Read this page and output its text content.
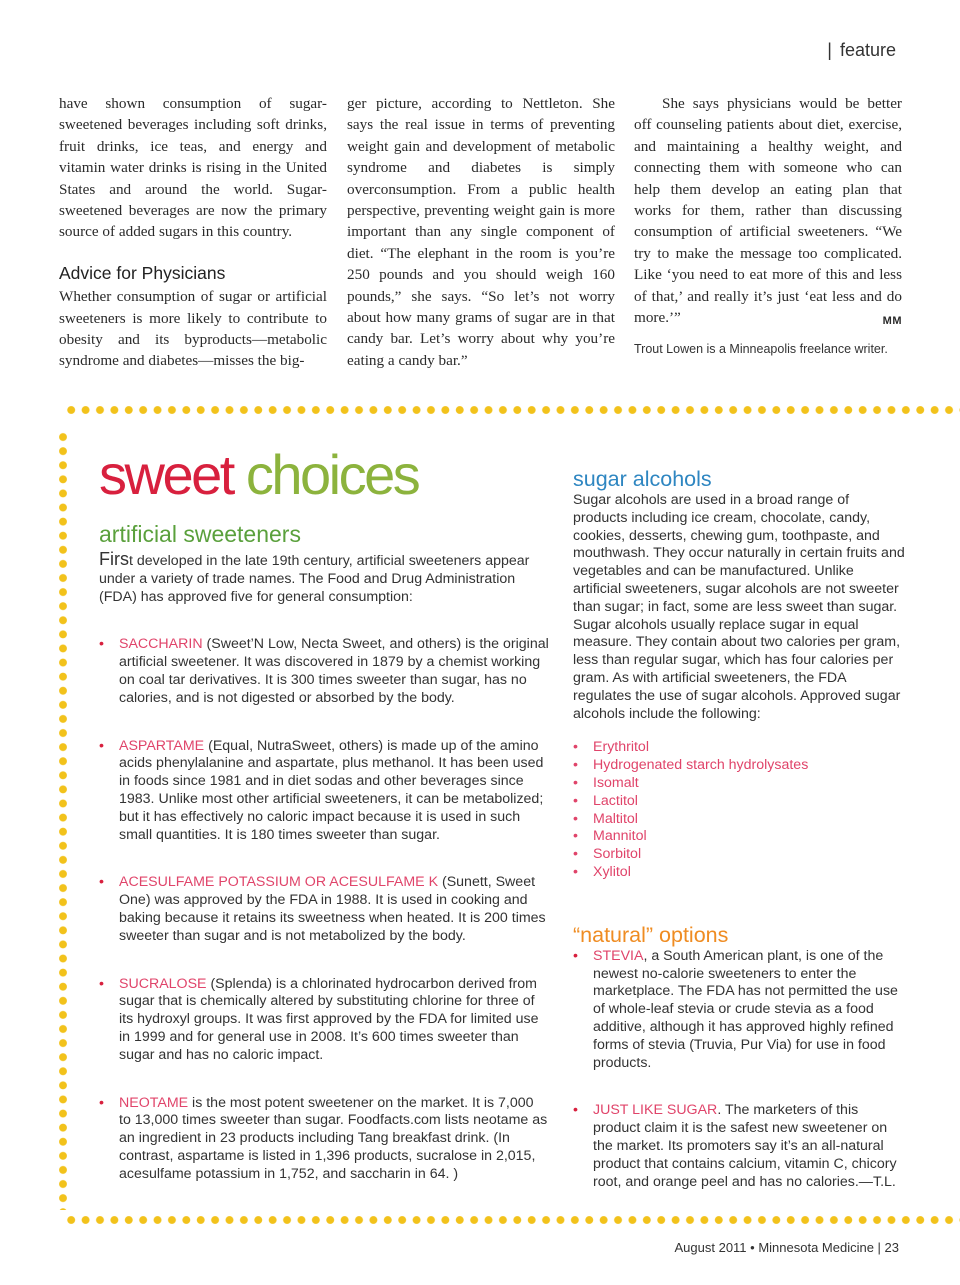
| feature

have shown consumption of sugar-sweetened beverages including soft drinks, fruit drinks, ice teas, and energy and vitamin water drinks is rising in the United States and around the world. Sugar-sweetened beverages are now the primary source of added sugars in this country.

Advice for Physicians

Whether consumption of sugar or artificial sweeteners is more likely to contribute to obesity and its byproducts—metabolic syndrome and diabetes—misses the big-

ger picture, according to Nettleton. She says the real issue in terms of preventing weight gain and development of metabolic syndrome and diabetes is simply overconsumption. From a public health perspective, preventing weight gain is more important than any single component of diet. “The elephant in the room is you’re 250 pounds and you should weigh 160 pounds,” she says. “So let’s not worry about how many grams of sugar are in that candy bar. Let’s worry about why you’re eating a candy bar.”

She says physicians would be better off counseling patients about diet, exercise, and maintaining a healthy weight, and connecting them with someone who can help them develop an eating plan that works for them, rather than discussing consumption of artificial sweeteners. “We try to make the message too complicated. Like ‘you need to eat more of this and less of that,’ and really it’s just ‘eat less and do more.’”	MM

Trout Lowen is a Minneapolis freelance writer.

sweet choices
artificial sweeteners

First developed in the late 19th century, artificial sweeteners appear under a variety of trade names. The Food and Drug Administration (FDA) has approved five for general consumption:

• SACCHARIN (Sweet’N Low, Necta Sweet, and others) is the original artificial sweetener. It was discovered in 1879 by a chemist working on coal tar derivatives. It is 300 times sweeter than sugar, has no calories, and is not digested or absorbed by the body.
• ASPARTAME (Equal, NutraSweet, others) is made up of the amino acids phenylalanine and aspartate, plus methanol. It has been used in foods since 1981 and in diet sodas and other beverages since 1983. Unlike most other artificial sweeteners, it can be metabolized; but it has effectively no caloric impact because it is used in such small quantities. It is 180 times sweeter than sugar.
• ACESULFAME POTASSIUM OR ACESULFAME K (Sunett, Sweet One) was approved by the FDA in 1988. It is used in cooking and baking because it retains its sweetness when heated. It is 200 times sweeter than sugar and is not metabolized by the body.
• SUCRALOSE (Splenda) is a chlorinated hydrocarbon derived from sugar that is chemically altered by substituting chlorine for three of its hydroxyl groups. It was first approved by the FDA for limited use in 1999 and for general use in 2008. It’s 600 times sweeter than sugar and has no caloric impact.
• NEOTAME is the most potent sweetener on the market. It is 7,000 to 13,000 times sweeter than sugar. Foodfacts.com lists neotame as an ingredient in 23 products including Tang breakfast drink. (In contrast, aspartame is listed in 1,396 products, sucralose in 2,015, acesulfame potassium in 1,752, and saccharin in 64. )
sugar alcohols

Sugar alcohols are used in a broad range of products including ice cream, chocolate, candy, cookies, desserts, chewing gum, toothpaste, and mouthwash. They occur naturally in certain fruits and vegetables and can be manufactured. Unlike artificial sweeteners, sugar alcohols are not sweeter than sugar; in fact, some are less sweet than sugar. Sugar alcohols usually replace sugar in equal measure. They contain about two calories per gram, less than regular sugar, which has four calories per gram. As with artificial sweeteners, the FDA regulates the use of sugar alcohols. Approved sugar alcohols include the following:

• Erythritol
• Hydrogenated starch hydrolysates
• Isomalt
• Lactitol
• Maltitol
• Mannitol
• Sorbitol
• Xylitol
“natural” options
• STEVIA, a South American plant, is one of the newest no-calorie sweeteners to enter the marketplace. The FDA has not permitted the use of whole-leaf stevia or crude stevia as a food additive, although it has approved highly refined forms of stevia (Truvia, Pur Via) for use in food products.
• JUST LIKE SUGAR. The marketers of this product claim it is the safest new sweetener on the market. Its promoters say it’s an all-natural product that contains calcium, vitamin C, chicory root, and orange peel and has no calories.—T.L.
August 2011 • Minnesota Medicine | 23
